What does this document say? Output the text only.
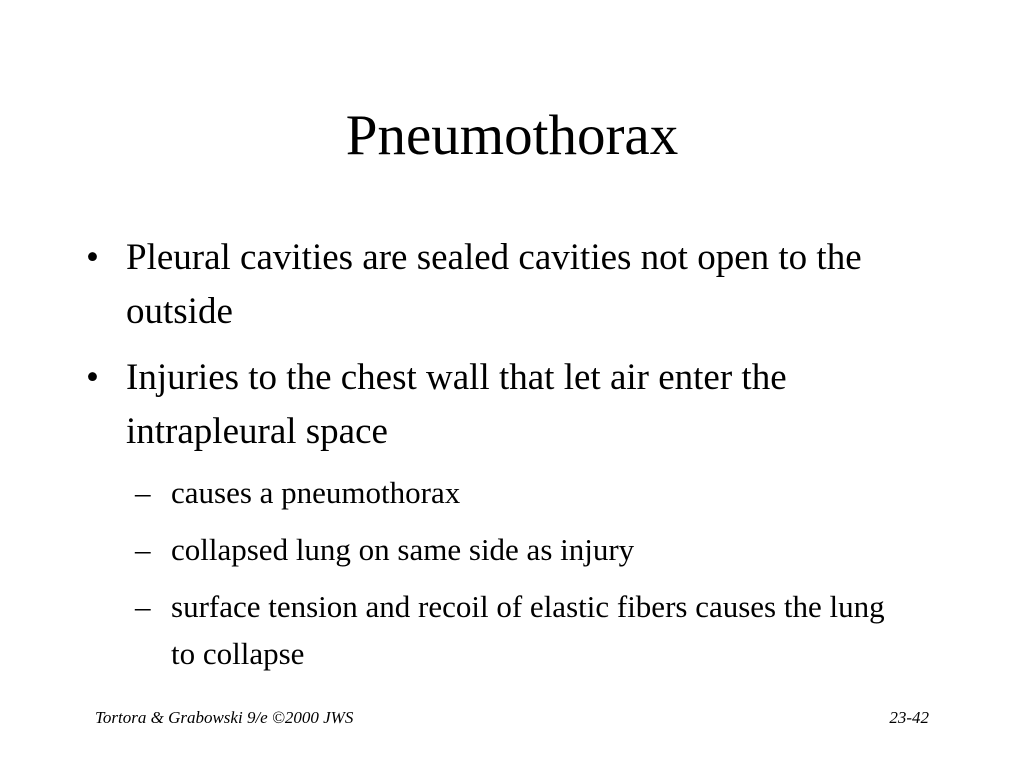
Pneumothorax
• Pleural cavities are sealed cavities not open to the outside
• Injuries to the chest wall that let air enter the intrapleural space
– causes a pneumothorax
– collapsed lung on same side as injury
– surface tension and recoil of elastic fibers causes the lung to collapse
Tortora & Grabowski 9/e ©2000 JWS	23-42
